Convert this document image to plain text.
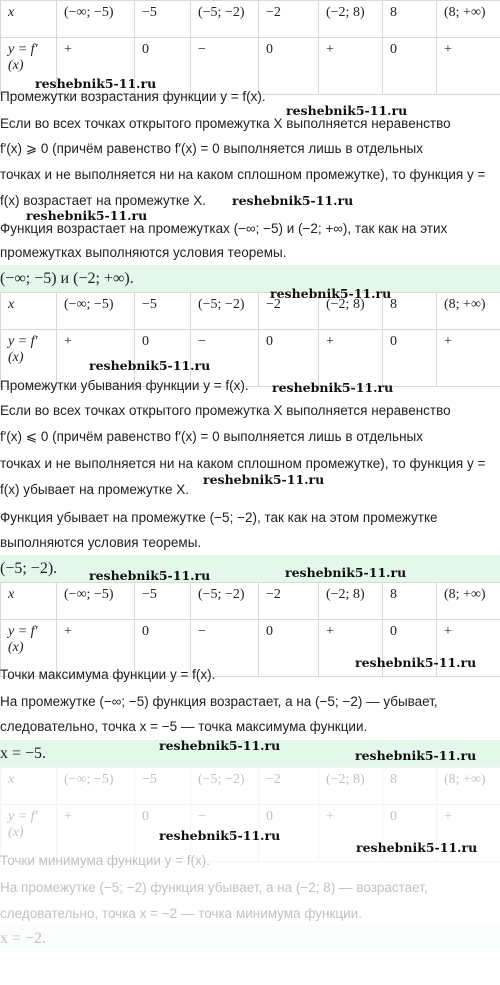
x	(−∞; −5)	−5	(−5; −2)	−2	(−2; 8)	8	(8; +∞)
y = f′(x)	+	0	−	0	+	0	+
reshebnik5-11.ru
Промежутки возрастания функции y = f(x).
reshebnik5-11.ru
Если во всех точках открытого промежутка X выполняется неравенство
f′(x) ⩾ 0 (причём равенство f′(x) = 0 выполняется лишь в отдельных
точках и не выполняется ни на каком сплошном промежутке), то функция y =
f(x) возрастает на промежутке X.	reshebnik5-11.ru
reshebnik5-11.ru
Функция возрастает на промежутках (−∞; −5) и (−2; +∞), так как на этих
промежутках выполняются условия теоремы.
(−∞; −5) и (−2; +∞).
x	(−∞; −5)	−5	(−5; −2)	−2	(−2; 8)	8	(8; +∞)
y = f′(x)	+	0	−	0	+	0	+
reshebnik5-11.ru
reshebnik5-11.ru
Промежутки убывания функции y = f(x).	reshebnik5-11.ru
Если во всех точках открытого промежутка X выполняется неравенство
f′(x) ⩽ 0 (причём равенство f′(x) = 0 выполняется лишь в отдельных
точках и не выполняется ни на каком сплошном промежутке), то функция y =
f(x) убывает на промежутке X.
reshebnik5-11.ru
Функция убывает на промежутке (−5; −2), так как на этом промежутке
выполняются условия теоремы.
(−5; −2).	reshebnik5-11.ru	reshebnik5-11.ru
x	(−∞; −5)	−5	(−5; −2)	−2	(−2; 8)	8	(8; +∞)
y = f′(x)	+	0	−	0	+	0	+
Точки максимума функции y = f(x).
reshebnik5-11.ru
На промежутке (−∞; −5) функция возрастает, а на (−5; −2) — убывает,
следовательно, точка x = −5 — точка максимума функции.
x = −5.	reshebnik5-11.ru
reshebnik5-11.ru
x	(−∞; −5)	−5	(−5; −2)	−2	(−2; 8)	8	(8; +∞)
y = f′(x)	+	0	−	0	+	0	+
Точки минимума функции y = f(x).
На промежутке (−5; −2) функция убывает, а на (−2; 8) — возрастает,
следовательно, точка x = −2 — точка минимума функции.
x = −2.
reshebnik5-11.ru
reshebnik5-11.ru
